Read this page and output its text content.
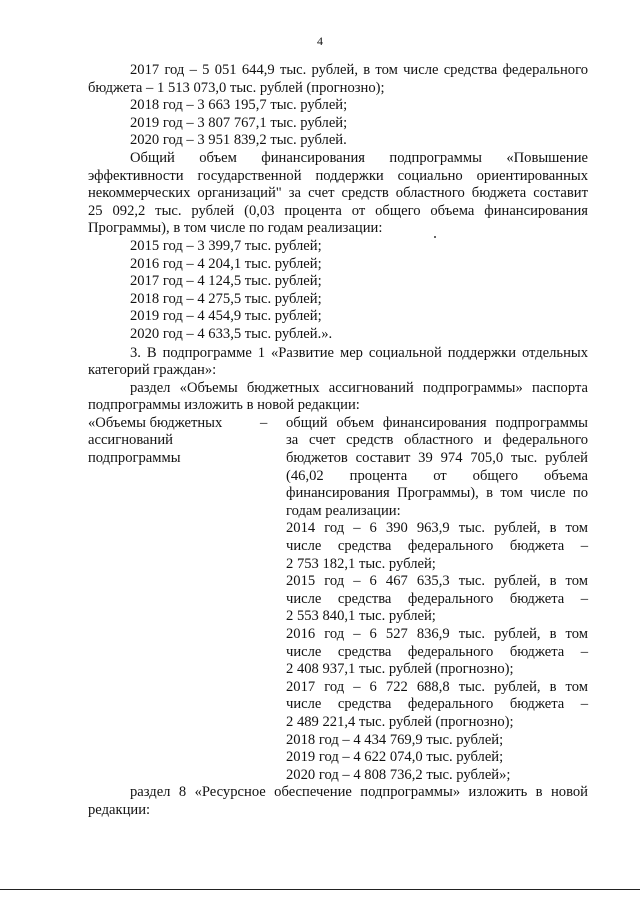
4
2017 год – 5 051 644,9 тыс. рублей, в том числе средства федерального
бюджета – 1 513 073,0 тыс. рублей (прогнозно);
2018 год – 3 663 195,7 тыс. рублей;
2019 год – 3 807 767,1 тыс. рублей;
2020 год – 3 951 839,2 тыс. рублей.
Общий объем финансирования подпрограммы «Повышение
эффективности государственной поддержки социально ориентированных
некоммерческих организаций" за счет средств областного бюджета составит
25 092,2 тыс. рублей (0,03 процента от общего объема финансирования
Программы), в том числе по годам реализации:
2015 год – 3 399,7 тыс. рублей;
2016 год – 4 204,1 тыс. рублей;
2017 год – 4 124,5 тыс. рублей;
2018 год – 4 275,5 тыс. рублей;
2019 год – 4 454,9 тыс. рублей;
2020 год – 4 633,5 тыс. рублей.».
3. В подпрограмме 1 «Развитие мер социальной поддержки отдельных
категорий граждан»:
раздел «Объемы бюджетных ассигнований подпрограммы» паспорта
подпрограммы изложить в новой редакции:
«Объемы бюджетных
ассигнований
подпрограммы
–	общий объем финансирования подпрограммы
за счет средств областного и федерального
бюджетов составит 39 974 705,0 тыс. рублей
(46,02 процента от общего объема
финансирования Программы), в том числе по
годам реализации:
2014 год – 6 390 963,9 тыс. рублей, в том
числе средства федерального бюджета –
2 753 182,1 тыс. рублей;
2015 год – 6 467 635,3 тыс. рублей, в том
числе средства федерального бюджета –
2 553 840,1 тыс. рублей;
2016 год – 6 527 836,9 тыс. рублей, в том
числе средства федерального бюджета –
2 408 937,1 тыс. рублей (прогнозно);
2017 год – 6 722 688,8 тыс. рублей, в том
числе средства федерального бюджета –
2 489 221,4 тыс. рублей (прогнозно);
2018 год – 4 434 769,9 тыс. рублей;
2019 год – 4 622 074,0 тыс. рублей;
2020 год – 4 808 736,2 тыс. рублей»;
раздел 8 «Ресурсное обеспечение подпрограммы» изложить в новой
редакции:
